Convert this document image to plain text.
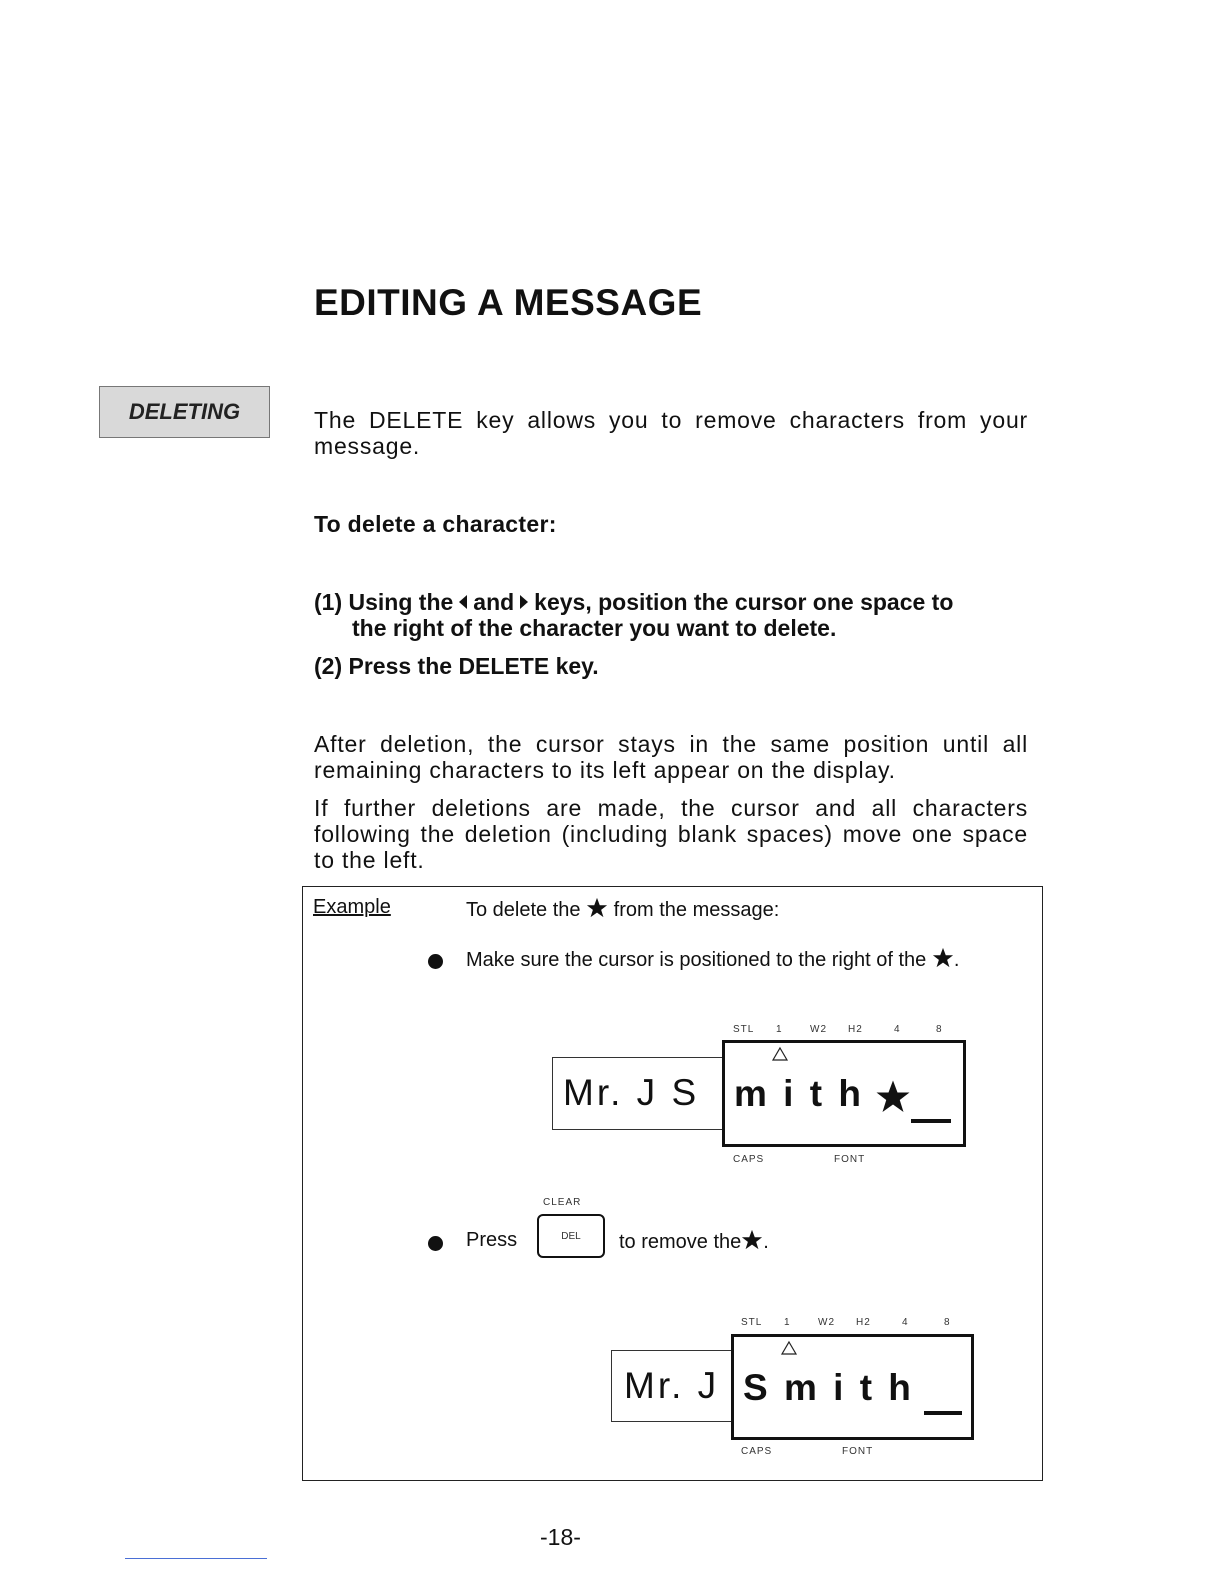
EDITING A MESSAGE
DELETING	The DELETE key allows you to remove characters from your message.
To delete a character:
(1) Using the and keys, position the cursor one space to
the right of the character you want to delete.
(2) Press the DELETE key.
After deletion, the cursor stays in the same position until all remaining characters to its left appear on the display.
If further deletions are made, the cursor and all characters following the deletion (including blank spaces) move one space to the left.
Example	To delete the from the message:
Make sure the cursor is positioned to the right of the .
STL 1	W2 H2	4	8
Mr. J S m i t h
CAPS	FONT
CLEAR
Press	DEL to remove the .
STL 1	W2 H2	4	8
Mr. J S m i t h
CAPS	FONT
-18-
